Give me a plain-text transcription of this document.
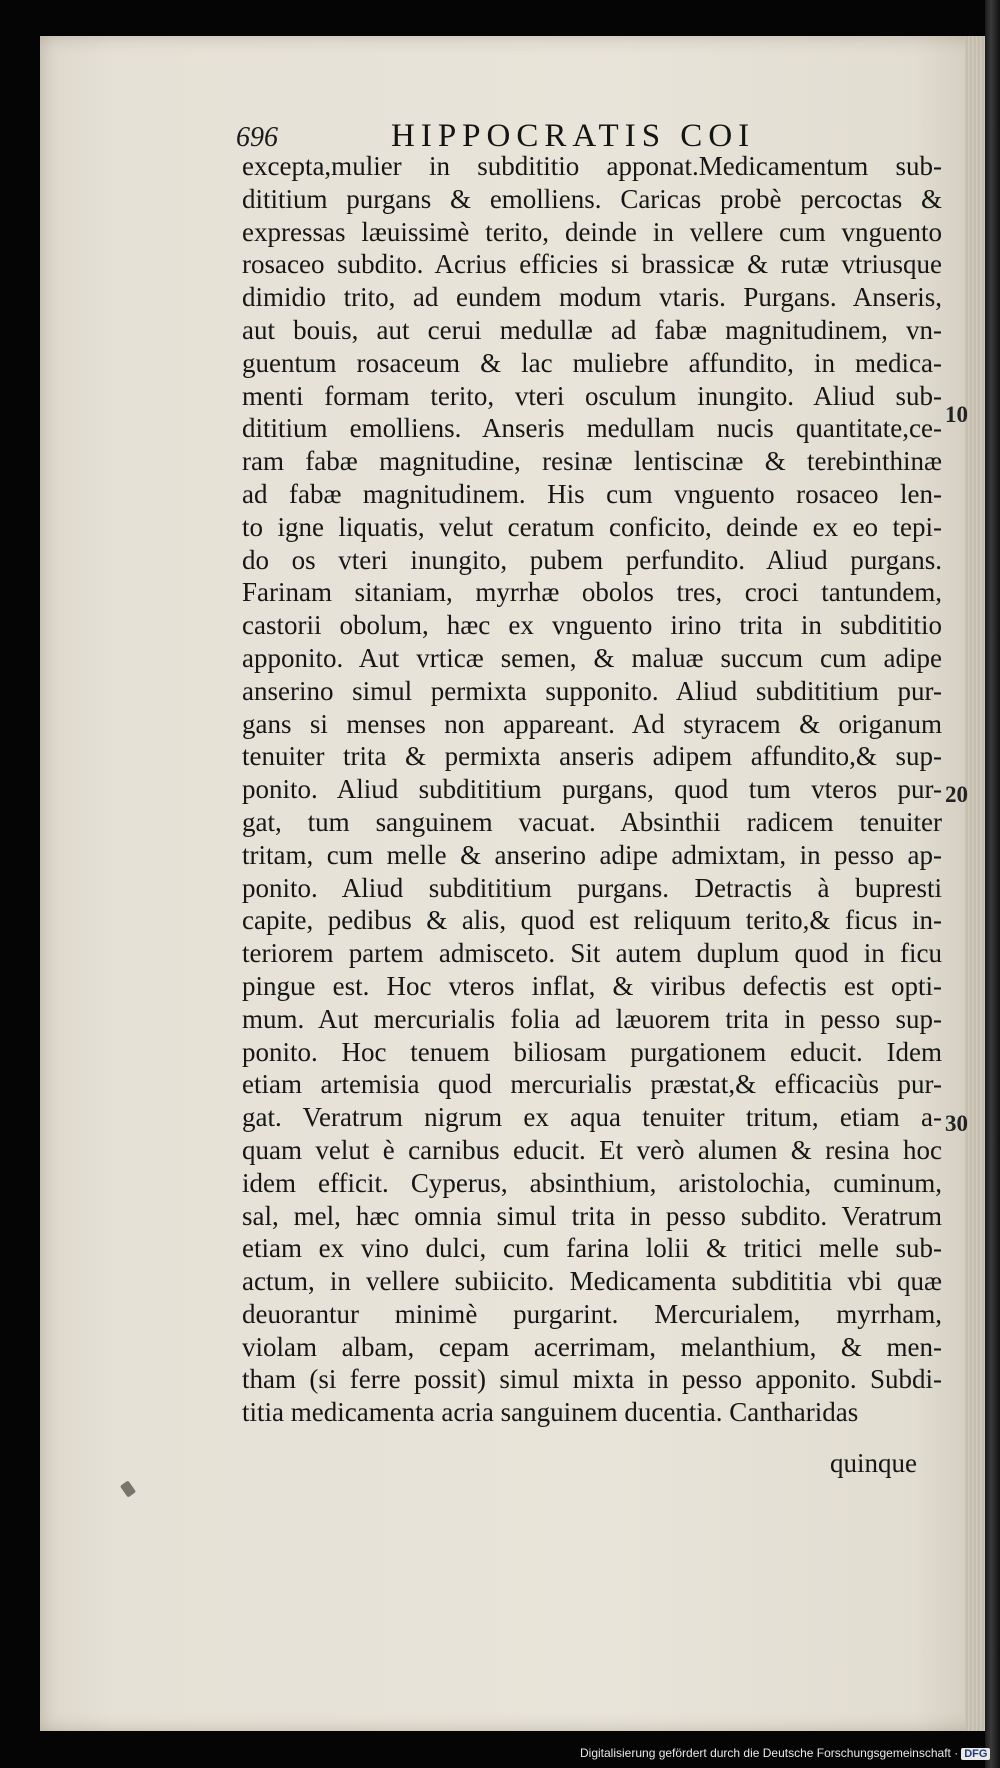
696	HIPPOCRATIS COI
excepta,mulier in subdititio apponat.Medicamentum sub-
dititium purgans & emolliens. Caricas probè percoctas &
expressas læuissimè terito, deinde in vellere cum vnguento
rosaceo subdito. Acrius efficies si brassicæ & rutæ vtriusque
dimidio trito, ad eundem modum vtaris. Purgans. Anseris,
aut bouis, aut cerui medullæ ad fabæ magnitudinem, vn-
guentum rosaceum & lac muliebre affundito, in medica-
menti formam terito, vteri osculum inungito. Aliud sub-
dititium emolliens. Anseris medullam nucis quantitate,ce-
ram fabæ magnitudine, resinæ lentiscinæ & terebinthinæ
ad fabæ magnitudinem. His cum vnguento rosaceo len-
to igne liquatis, velut ceratum conficito, deinde ex eo tepi-
do os vteri inungito, pubem perfundito. Aliud purgans.
Farinam sitaniam, myrrhæ obolos tres, croci tantundem,
castorii obolum, hæc ex vnguento irino trita in subdititio
apponito. Aut vrticæ semen, & maluæ succum cum adipe
anserino simul permixta supponito. Aliud subdititium pur-
gans si menses non appareant. Ad styracem & origanum
tenuiter trita & permixta anseris adipem affundito,& sup-
ponito. Aliud subdititium purgans, quod tum vteros pur-
gat, tum sanguinem vacuat. Absinthii radicem tenuiter
tritam, cum melle & anserino adipe admixtam, in pesso ap-
ponito. Aliud subdititium purgans. Detractis à bupresti
capite, pedibus & alis, quod est reliquum terito,& ficus in-
teriorem partem admisceto. Sit autem duplum quod in ficu
pingue est. Hoc vteros inflat, & viribus defectis est opti-
mum. Aut mercurialis folia ad læuorem trita in pesso sup-
ponito. Hoc tenuem biliosam purgationem educit. Idem
etiam artemisia quod mercurialis præstat,& efficaciùs pur-
gat. Veratrum nigrum ex aqua tenuiter tritum, etiam a-
quam velut è carnibus educit. Et verò alumen & resina hoc
idem efficit. Cyperus, absinthium, aristolochia, cuminum,
sal, mel, hæc omnia simul trita in pesso subdito. Veratrum
etiam ex vino dulci, cum farina lolii & tritici melle sub-
actum, in vellere subiicito. Medicamenta subdititia vbi quæ
deuorantur minimè purgarint. Mercurialem, myrrham,
violam albam, cepam acerrimam, melanthium, & men-
tham (si ferre possit) simul mixta in pesso apponito. Subdi-
titia medicamenta acria sanguinem ducentia. Cantharidas
10
20
30
quinque
Digitalisierung gefördert durch die Deutsche Forschungsgemeinschaft · DFG
